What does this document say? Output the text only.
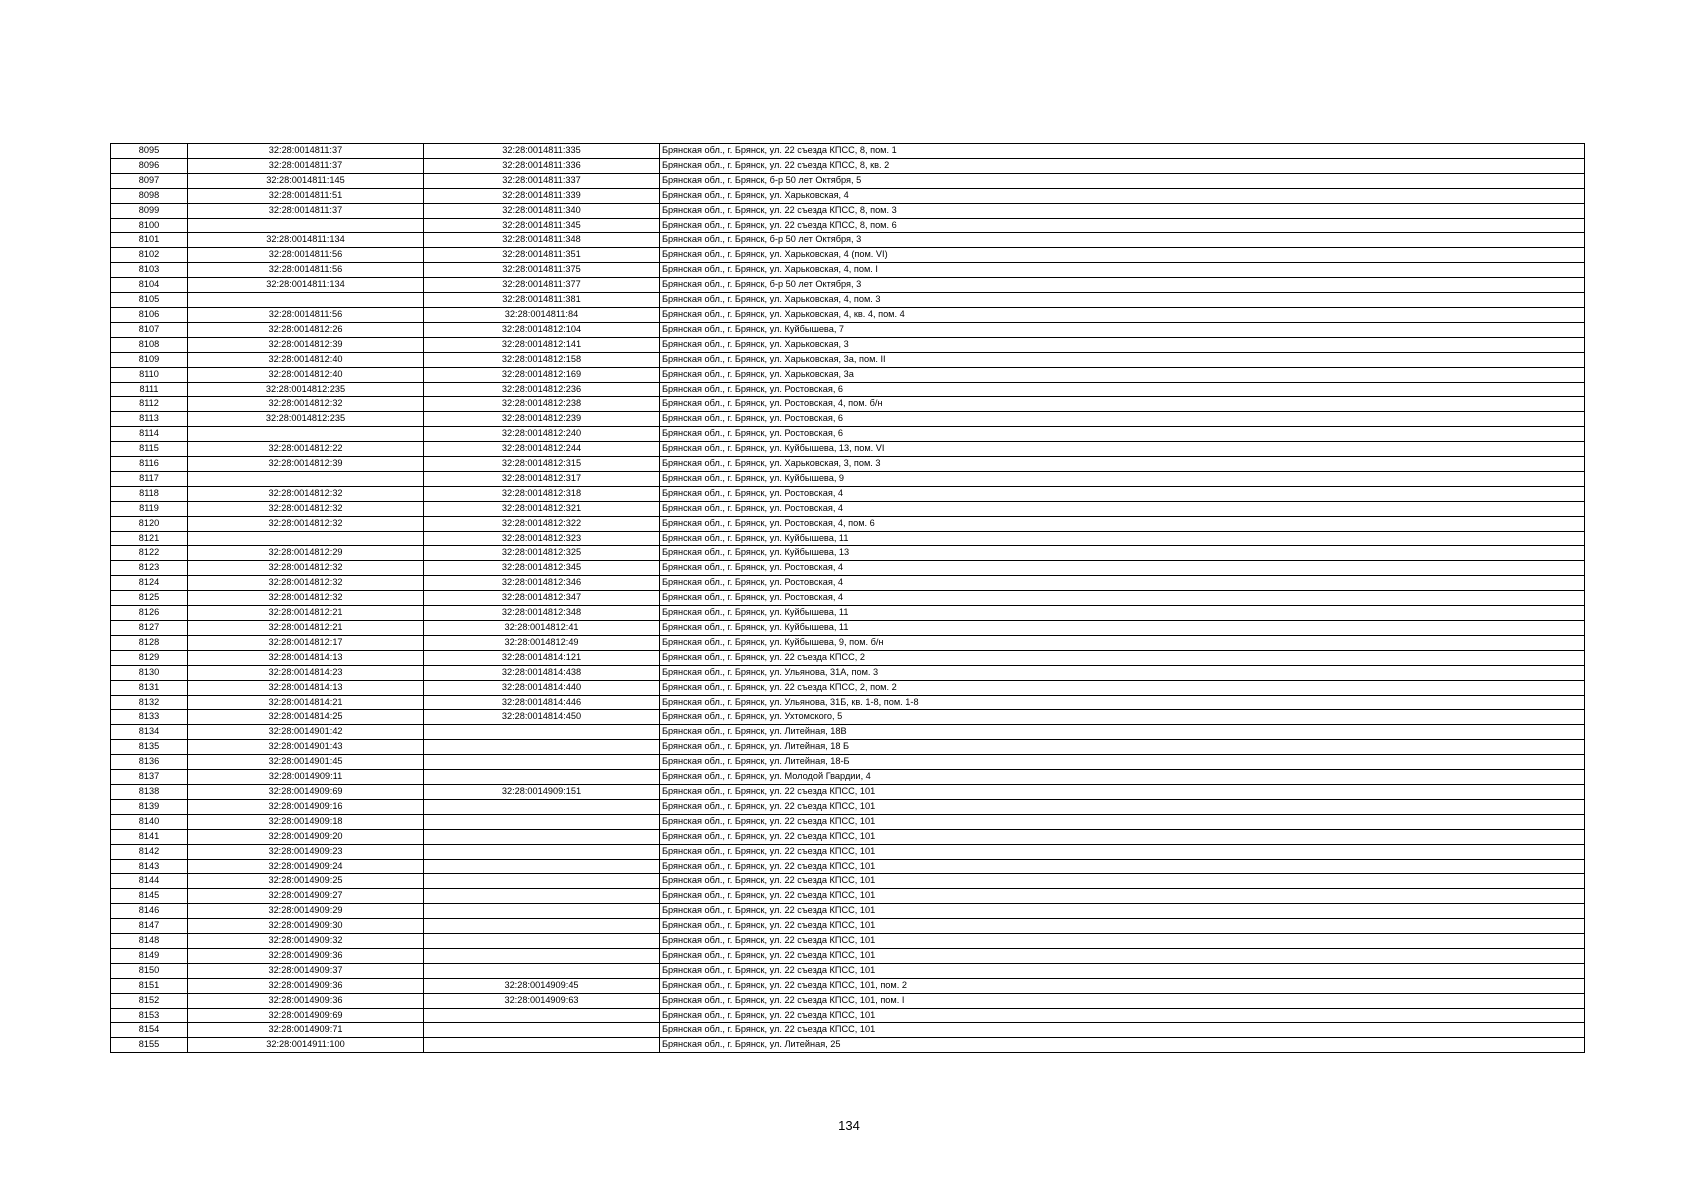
8095	32:28:0014811:37	32:28:0014811:335	Брянская обл., г. Брянск, ул. 22 съезда КПСС, 8, пом. 1
8096	32:28:0014811:37	32:28:0014811:336	Брянская обл., г. Брянск, ул. 22 съезда КПСС, 8, кв. 2
8097	32:28:0014811:145	32:28:0014811:337	Брянская обл., г. Брянск, б-р 50 лет Октября, 5
8098	32:28:0014811:51	32:28:0014811:339	Брянская обл., г. Брянск, ул. Харьковская, 4
8099	32:28:0014811:37	32:28:0014811:340	Брянская обл., г. Брянск, ул. 22 съезда КПСС, 8, пом. 3
8100		32:28:0014811:345	Брянская обл., г. Брянск, ул. 22 съезда КПСС, 8, пом. 6
8101	32:28:0014811:134	32:28:0014811:348	Брянская обл., г. Брянск, б-р 50 лет Октября, 3
8102	32:28:0014811:56	32:28:0014811:351	Брянская обл., г. Брянск, ул. Харьковская, 4 (пом. VI)
8103	32:28:0014811:56	32:28:0014811:375	Брянская обл., г. Брянск, ул. Харьковская, 4, пом. I
8104	32:28:0014811:134	32:28:0014811:377	Брянская обл., г. Брянск, б-р 50 лет Октября, 3
8105		32:28:0014811:381	Брянская обл., г. Брянск, ул. Харьковская, 4, пом. 3
8106	32:28:0014811:56	32:28:0014811:84	Брянская обл., г. Брянск, ул. Харьковская, 4, кв. 4, пом. 4
8107	32:28:0014812:26	32:28:0014812:104	Брянская обл., г. Брянск, ул. Куйбышева, 7
8108	32:28:0014812:39	32:28:0014812:141	Брянская обл., г. Брянск, ул. Харьковская, 3
8109	32:28:0014812:40	32:28:0014812:158	Брянская обл., г. Брянск, ул. Харьковская, 3а, пом. II
8110	32:28:0014812:40	32:28:0014812:169	Брянская обл., г. Брянск, ул. Харьковская, 3а
8111	32:28:0014812:235	32:28:0014812:236	Брянская обл., г. Брянск, ул. Ростовская, 6
8112	32:28:0014812:32	32:28:0014812:238	Брянская обл., г. Брянск, ул. Ростовская, 4, пом. б/н
8113	32:28:0014812:235	32:28:0014812:239	Брянская обл., г. Брянск, ул. Ростовская, 6
8114		32:28:0014812:240	Брянская обл., г. Брянск, ул. Ростовская, 6
8115	32:28:0014812:22	32:28:0014812:244	Брянская обл., г. Брянск, ул. Куйбышева, 13, пом. VI
8116	32:28:0014812:39	32:28:0014812:315	Брянская обл., г. Брянск, ул. Харьковская, 3, пом. 3
8117		32:28:0014812:317	Брянская обл., г. Брянск, ул. Куйбышева, 9
8118	32:28:0014812:32	32:28:0014812:318	Брянская обл., г. Брянск, ул. Ростовская, 4
8119	32:28:0014812:32	32:28:0014812:321	Брянская обл., г. Брянск, ул. Ростовская, 4
8120	32:28:0014812:32	32:28:0014812:322	Брянская обл., г. Брянск, ул. Ростовская, 4, пом. 6
8121		32:28:0014812:323	Брянская обл., г. Брянск, ул. Куйбышева, 11
8122	32:28:0014812:29	32:28:0014812:325	Брянская обл., г. Брянск, ул. Куйбышева, 13
8123	32:28:0014812:32	32:28:0014812:345	Брянская обл., г. Брянск, ул. Ростовская, 4
8124	32:28:0014812:32	32:28:0014812:346	Брянская обл., г. Брянск, ул. Ростовская, 4
8125	32:28:0014812:32	32:28:0014812:347	Брянская обл., г. Брянск, ул. Ростовская, 4
8126	32:28:0014812:21	32:28:0014812:348	Брянская обл., г. Брянск, ул. Куйбышева, 11
8127	32:28:0014812:21	32:28:0014812:41	Брянская обл., г. Брянск, ул. Куйбышева, 11
8128	32:28:0014812:17	32:28:0014812:49	Брянская обл., г. Брянск, ул. Куйбышева, 9, пом. б/н
8129	32:28:0014814:13	32:28:0014814:121	Брянская обл., г. Брянск, ул. 22 съезда КПСС, 2
8130	32:28:0014814:23	32:28:0014814:438	Брянская обл., г. Брянск, ул. Ульянова, 31А, пом. 3
8131	32:28:0014814:13	32:28:0014814:440	Брянская обл., г. Брянск, ул. 22 съезда КПСС, 2, пом. 2
8132	32:28:0014814:21	32:28:0014814:446	Брянская обл., г. Брянск, ул. Ульянова, 31Б, кв. 1-8, пом. 1-8
8133	32:28:0014814:25	32:28:0014814:450	Брянская обл., г. Брянск, ул. Ухтомского, 5
8134	32:28:0014901:42		Брянская обл., г. Брянск, ул. Литейная, 18В
8135	32:28:0014901:43		Брянская обл., г. Брянск, ул. Литейная, 18 Б
8136	32:28:0014901:45		Брянская обл., г. Брянск, ул. Литейная, 18-Б
8137	32:28:0014909:11		Брянская обл., г. Брянск, ул. Молодой Гвардии, 4
8138	32:28:0014909:69	32:28:0014909:151	Брянская обл., г. Брянск, ул. 22 съезда КПСС, 101
8139	32:28:0014909:16		Брянская обл., г. Брянск, ул. 22 съезда КПСС, 101
8140	32:28:0014909:18		Брянская обл., г. Брянск, ул. 22 съезда КПСС, 101
8141	32:28:0014909:20		Брянская обл., г. Брянск, ул. 22 съезда КПСС, 101
8142	32:28:0014909:23		Брянская обл., г. Брянск, ул. 22 съезда КПСС, 101
8143	32:28:0014909:24		Брянская обл., г. Брянск, ул. 22 съезда КПСС, 101
8144	32:28:0014909:25		Брянская обл., г. Брянск, ул. 22 съезда КПСС, 101
8145	32:28:0014909:27		Брянская обл., г. Брянск, ул. 22 съезда КПСС, 101
8146	32:28:0014909:29		Брянская обл., г. Брянск, ул. 22 съезда КПСС, 101
8147	32:28:0014909:30		Брянская обл., г. Брянск, ул. 22 съезда КПСС, 101
8148	32:28:0014909:32		Брянская обл., г. Брянск, ул. 22 съезда КПСС, 101
8149	32:28:0014909:36		Брянская обл., г. Брянск, ул. 22 съезда КПСС, 101
8150	32:28:0014909:37		Брянская обл., г. Брянск, ул. 22 съезда КПСС, 101
8151	32:28:0014909:36	32:28:0014909:45	Брянская обл., г. Брянск, ул. 22 съезда КПСС, 101, пом. 2
8152	32:28:0014909:36	32:28:0014909:63	Брянская обл., г. Брянск, ул. 22 съезда КПСС, 101, пом. I
8153	32:28:0014909:69		Брянская обл., г. Брянск, ул. 22 съезда КПСС, 101
8154	32:28:0014909:71		Брянская обл., г. Брянск, ул. 22 съезда КПСС, 101
8155	32:28:0014911:100		Брянская обл., г. Брянск, ул. Литейная, 25
134
